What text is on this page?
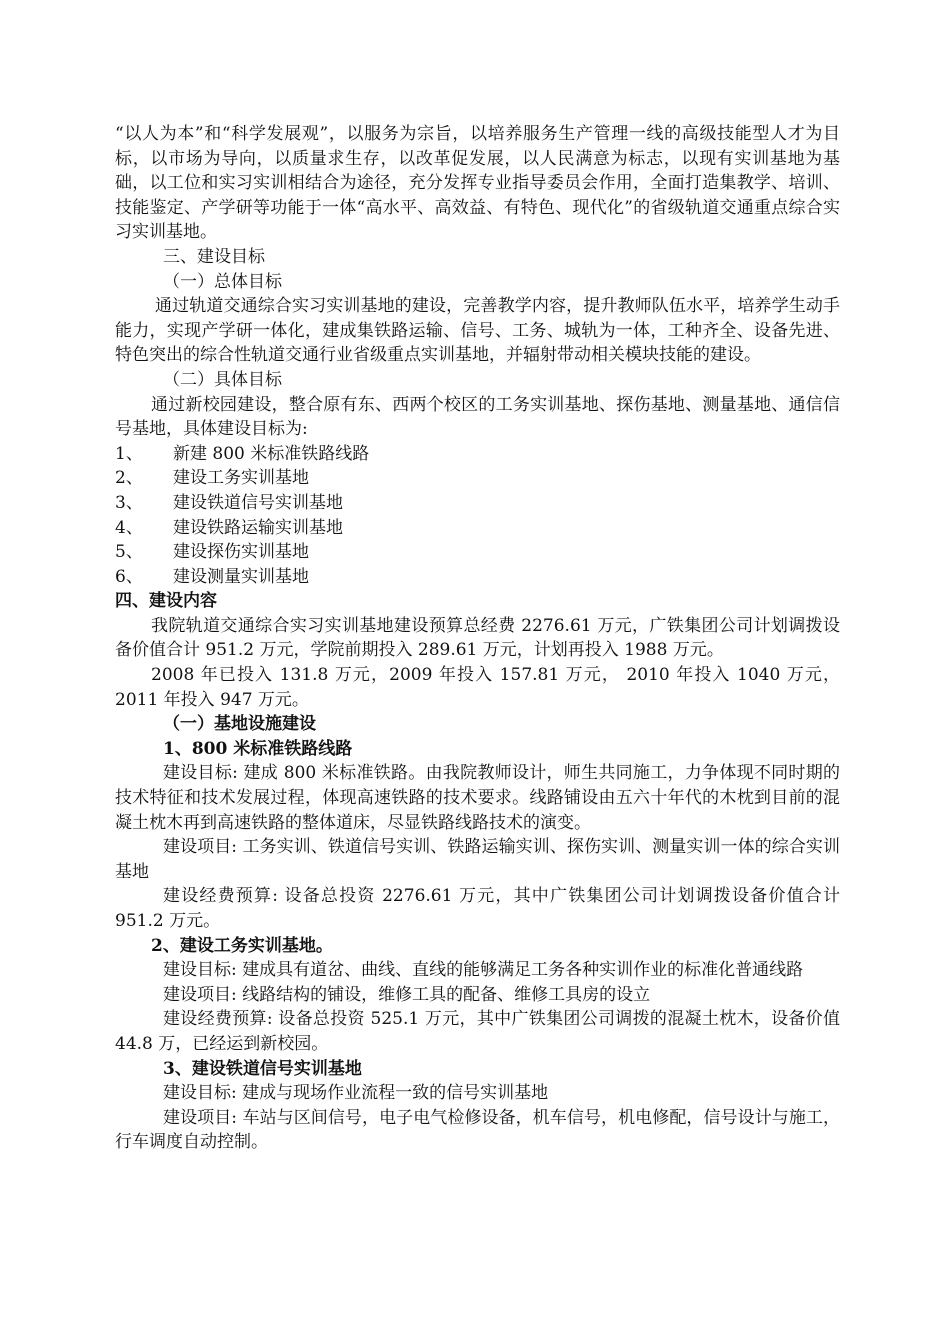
“以人为本”和“科学发展观”，以服务为宗旨，以培养服务生产管理一线的高级技能型人才为目标，以市场为导向，以质量求生存，以改革促发展，以人民满意为标志，以现有实训基地为基础，以工位和实习实训相结合为途径，充分发挥专业指导委员会作用，全面打造集教学、培训、技能鉴定、产学研等功能于一体“高水平、高效益、有特色、现代化”的省级轨道交通重点综合实习实训基地。

三、建设目标

（一）总体目标

通过轨道交通综合实习实训基地的建设，完善教学内容，提升教师队伍水平，培养学生动手能力，实现产学研一体化，建成集铁路运输、信号、工务、城轨为一体，工种齐全、设备先进、特色突出的综合性轨道交通行业省级重点实训基地，并辐射带动相关模块技能的建设。

（二）具体目标

通过新校园建设，整合原有东、西两个校区的工务实训基地、探伤基地、测量基地、通信信号基地，具体建设目标为:

1、	新建 800 米标准铁路线路
2、	建设工务实训基地
3、	建设铁道信号实训基地
4、	建设铁路运输实训基地
5、	建设探伤实训基地
6、	建设测量实训基地

四、建设内容

我院轨道交通综合实习实训基地建设预算总经费 2276.61 万元，广铁集团公司计划调拨设备价值合计 951.2 万元，学院前期投入 289.61 万元，计划再投入 1988 万元。

2008 年已投入 131.8 万元，2009 年投入 157.81 万元， 2010 年投入 1040 万元，2011 年投入 947 万元。

（一）基地设施建设

1、800 米标准铁路线路

建设目标: 建成 800 米标准铁路。由我院教师设计，师生共同施工，力争体现不同时期的技术特征和技术发展过程，体现高速铁路的技术要求。线路铺设由五六十年代的木枕到目前的混凝土枕木再到高速铁路的整体道床，尽显铁路线路技术的演变。

建设项目: 工务实训、铁道信号实训、铁路运输实训、探伤实训、测量实训一体的综合实训基地

建设经费预算: 设备总投资 2276.61 万元，其中广铁集团公司计划调拨设备价值合计 951.2 万元。

2、建设工务实训基地。

建设目标: 建成具有道岔、曲线、直线的能够满足工务各种实训作业的标准化普通线路

建设项目: 线路结构的铺设，维修工具的配备、维修工具房的设立

建设经费预算: 设备总投资 525.1 万元，其中广铁集团公司调拨的混凝土枕木，设备价值 44.8 万，已经运到新校园。

3、建设铁道信号实训基地

建设目标: 建成与现场作业流程一致的信号实训基地

建设项目: 车站与区间信号，电子电气检修设备，机车信号，机电修配，信号设计与施工，行车调度自动控制。
